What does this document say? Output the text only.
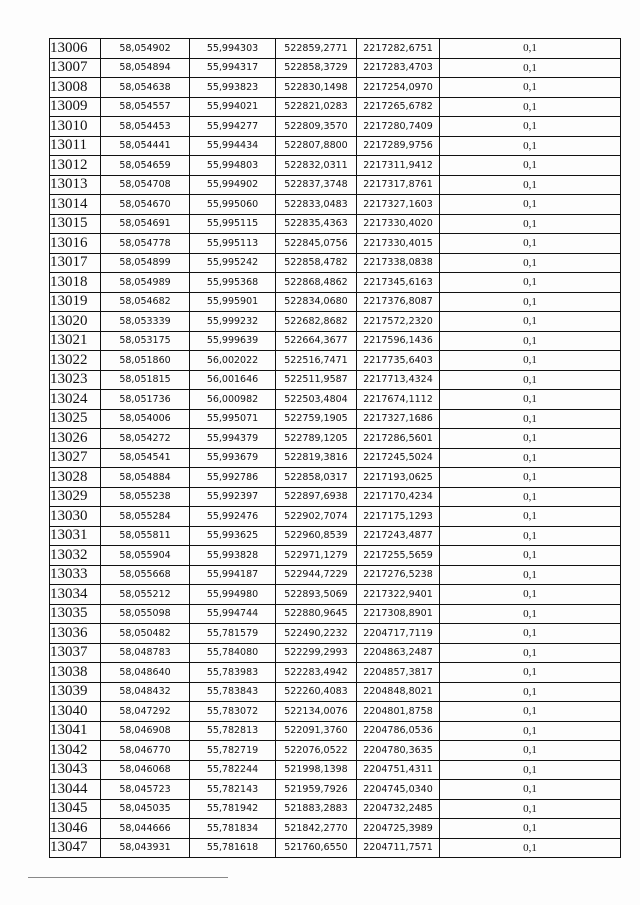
13006	58,054902	55,994303	522859,2771	2217282,6751	0,1
13007	58,054894	55,994317	522858,3729	2217283,4703	0,1
13008	58,054638	55,993823	522830,1498	2217254,0970	0,1
13009	58,054557	55,994021	522821,0283	2217265,6782	0,1
13010	58,054453	55,994277	522809,3570	2217280,7409	0,1
13011	58,054441	55,994434	522807,8800	2217289,9756	0,1
13012	58,054659	55,994803	522832,0311	2217311,9412	0,1
13013	58,054708	55,994902	522837,3748	2217317,8761	0,1
13014	58,054670	55,995060	522833,0483	2217327,1603	0,1
13015	58,054691	55,995115	522835,4363	2217330,4020	0,1
13016	58,054778	55,995113	522845,0756	2217330,4015	0,1
13017	58,054899	55,995242	522858,4782	2217338,0838	0,1
13018	58,054989	55,995368	522868,4862	2217345,6163	0,1
13019	58,054682	55,995901	522834,0680	2217376,8087	0,1
13020	58,053339	55,999232	522682,8682	2217572,2320	0,1
13021	58,053175	55,999639	522664,3677	2217596,1436	0,1
13022	58,051860	56,002022	522516,7471	2217735,6403	0,1
13023	58,051815	56,001646	522511,9587	2217713,4324	0,1
13024	58,051736	56,000982	522503,4804	2217674,1112	0,1
13025	58,054006	55,995071	522759,1905	2217327,1686	0,1
13026	58,054272	55,994379	522789,1205	2217286,5601	0,1
13027	58,054541	55,993679	522819,3816	2217245,5024	0,1
13028	58,054884	55,992786	522858,0317	2217193,0625	0,1
13029	58,055238	55,992397	522897,6938	2217170,4234	0,1
13030	58,055284	55,992476	522902,7074	2217175,1293	0,1
13031	58,055811	55,993625	522960,8539	2217243,4877	0,1
13032	58,055904	55,993828	522971,1279	2217255,5659	0,1
13033	58,055668	55,994187	522944,7229	2217276,5238	0,1
13034	58,055212	55,994980	522893,5069	2217322,9401	0,1
13035	58,055098	55,994744	522880,9645	2217308,8901	0,1
13036	58,050482	55,781579	522490,2232	2204717,7119	0,1
13037	58,048783	55,784080	522299,2993	2204863,2487	0,1
13038	58,048640	55,783983	522283,4942	2204857,3817	0,1
13039	58,048432	55,783843	522260,4083	2204848,8021	0,1
13040	58,047292	55,783072	522134,0076	2204801,8758	0,1
13041	58,046908	55,782813	522091,3760	2204786,0536	0,1
13042	58,046770	55,782719	522076,0522	2204780,3635	0,1
13043	58,046068	55,782244	521998,1398	2204751,4311	0,1
13044	58,045723	55,782143	521959,7926	2204745,0340	0,1
13045	58,045035	55,781942	521883,2883	2204732,2485	0,1
13046	58,044666	55,781834	521842,2770	2204725,3989	0,1
13047	58,043931	55,781618	521760,6550	2204711,7571	0,1
